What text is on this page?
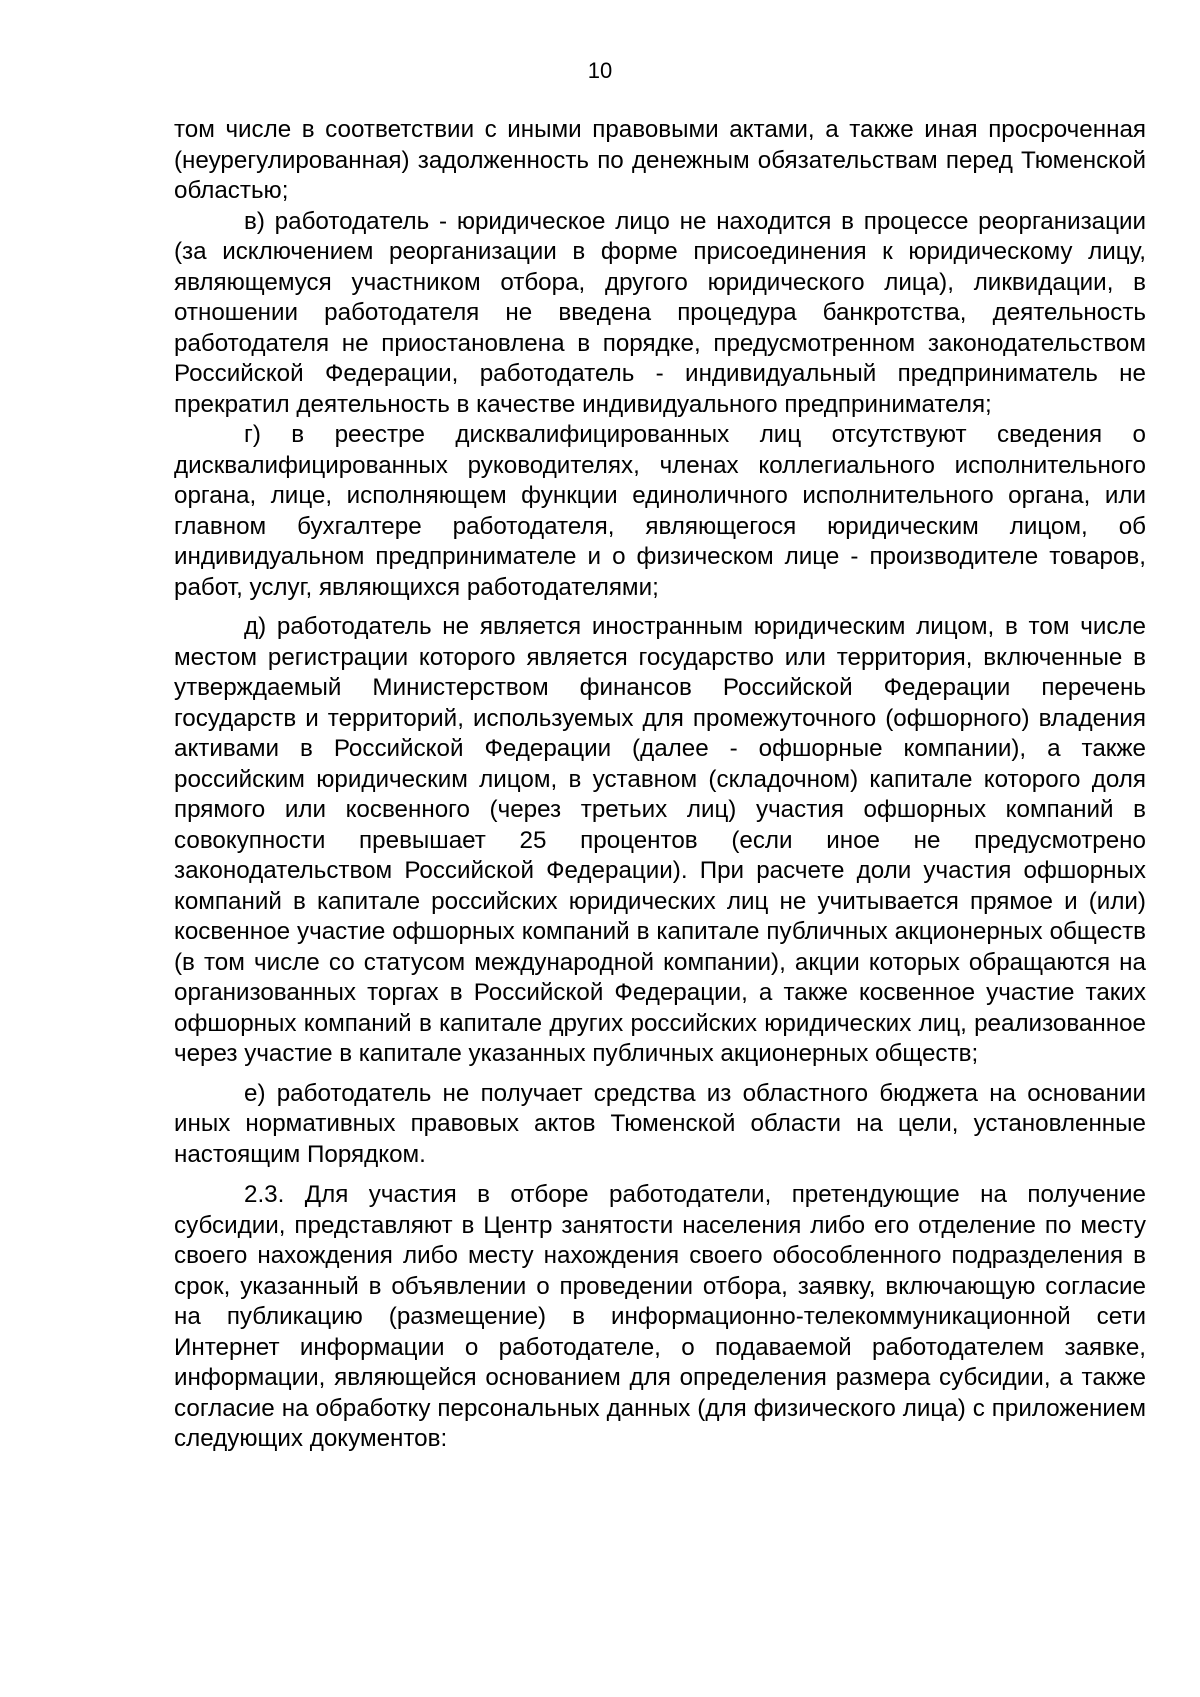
10

том числе в соответствии с иными правовыми актами, а также иная просроченная (неурегулированная) задолженность по денежным обязательствам перед Тюменской областью;

в) работодатель - юридическое лицо не находится в процессе реорганизации (за исключением реорганизации в форме присоединения к юридическому лицу, являющемуся участником отбора, другого юридического лица), ликвидации, в отношении работодателя не введена процедура банкротства, деятельность работодателя не приостановлена в порядке, предусмотренном законодательством Российской Федерации, работодатель - индивидуальный предприниматель не прекратил деятельность в качестве индивидуального предпринимателя;

г) в реестре дисквалифицированных лиц отсутствуют сведения о дисквалифицированных руководителях, членах коллегиального исполнительного органа, лице, исполняющем функции единоличного исполнительного органа, или главном бухгалтере работодателя, являющегося юридическим лицом, об индивидуальном предпринимателе и о физическом лице - производителе товаров, работ, услуг, являющихся работодателями;

д) работодатель не является иностранным юридическим лицом, в том числе местом регистрации которого является государство или территория, включенные в утверждаемый Министерством финансов Российской Федерации перечень государств и территорий, используемых для промежуточного (офшорного) владения активами в Российской Федерации (далее - офшорные компании), а также российским юридическим лицом, в уставном (складочном) капитале которого доля прямого или косвенного (через третьих лиц) участия офшорных компаний в совокупности превышает 25 процентов (если иное не предусмотрено законодательством Российской Федерации). При расчете доли участия офшорных компаний в капитале российских юридических лиц не учитывается прямое и (или) косвенное участие офшорных компаний в капитале публичных акционерных обществ (в том числе со статусом международной компании), акции которых обращаются на организованных торгах в Российской Федерации, а также косвенное участие таких офшорных компаний в капитале других российских юридических лиц, реализованное через участие в капитале указанных публичных акционерных обществ;

е) работодатель не получает средства из областного бюджета на основании иных нормативных правовых актов Тюменской области на цели, установленные настоящим Порядком.

2.3. Для участия в отборе работодатели, претендующие на получение субсидии, представляют в Центр занятости населения либо его отделение по месту своего нахождения либо месту нахождения своего обособленного подразделения в срок, указанный в объявлении о проведении отбора, заявку, включающую согласие на публикацию (размещение) в информационно-телекоммуникационной сети Интернет информации о работодателе, о подаваемой работодателем заявке, информации, являющейся основанием для определения размера субсидии, а также согласие на обработку персональных данных (для физического лица) с приложением следующих документов:
